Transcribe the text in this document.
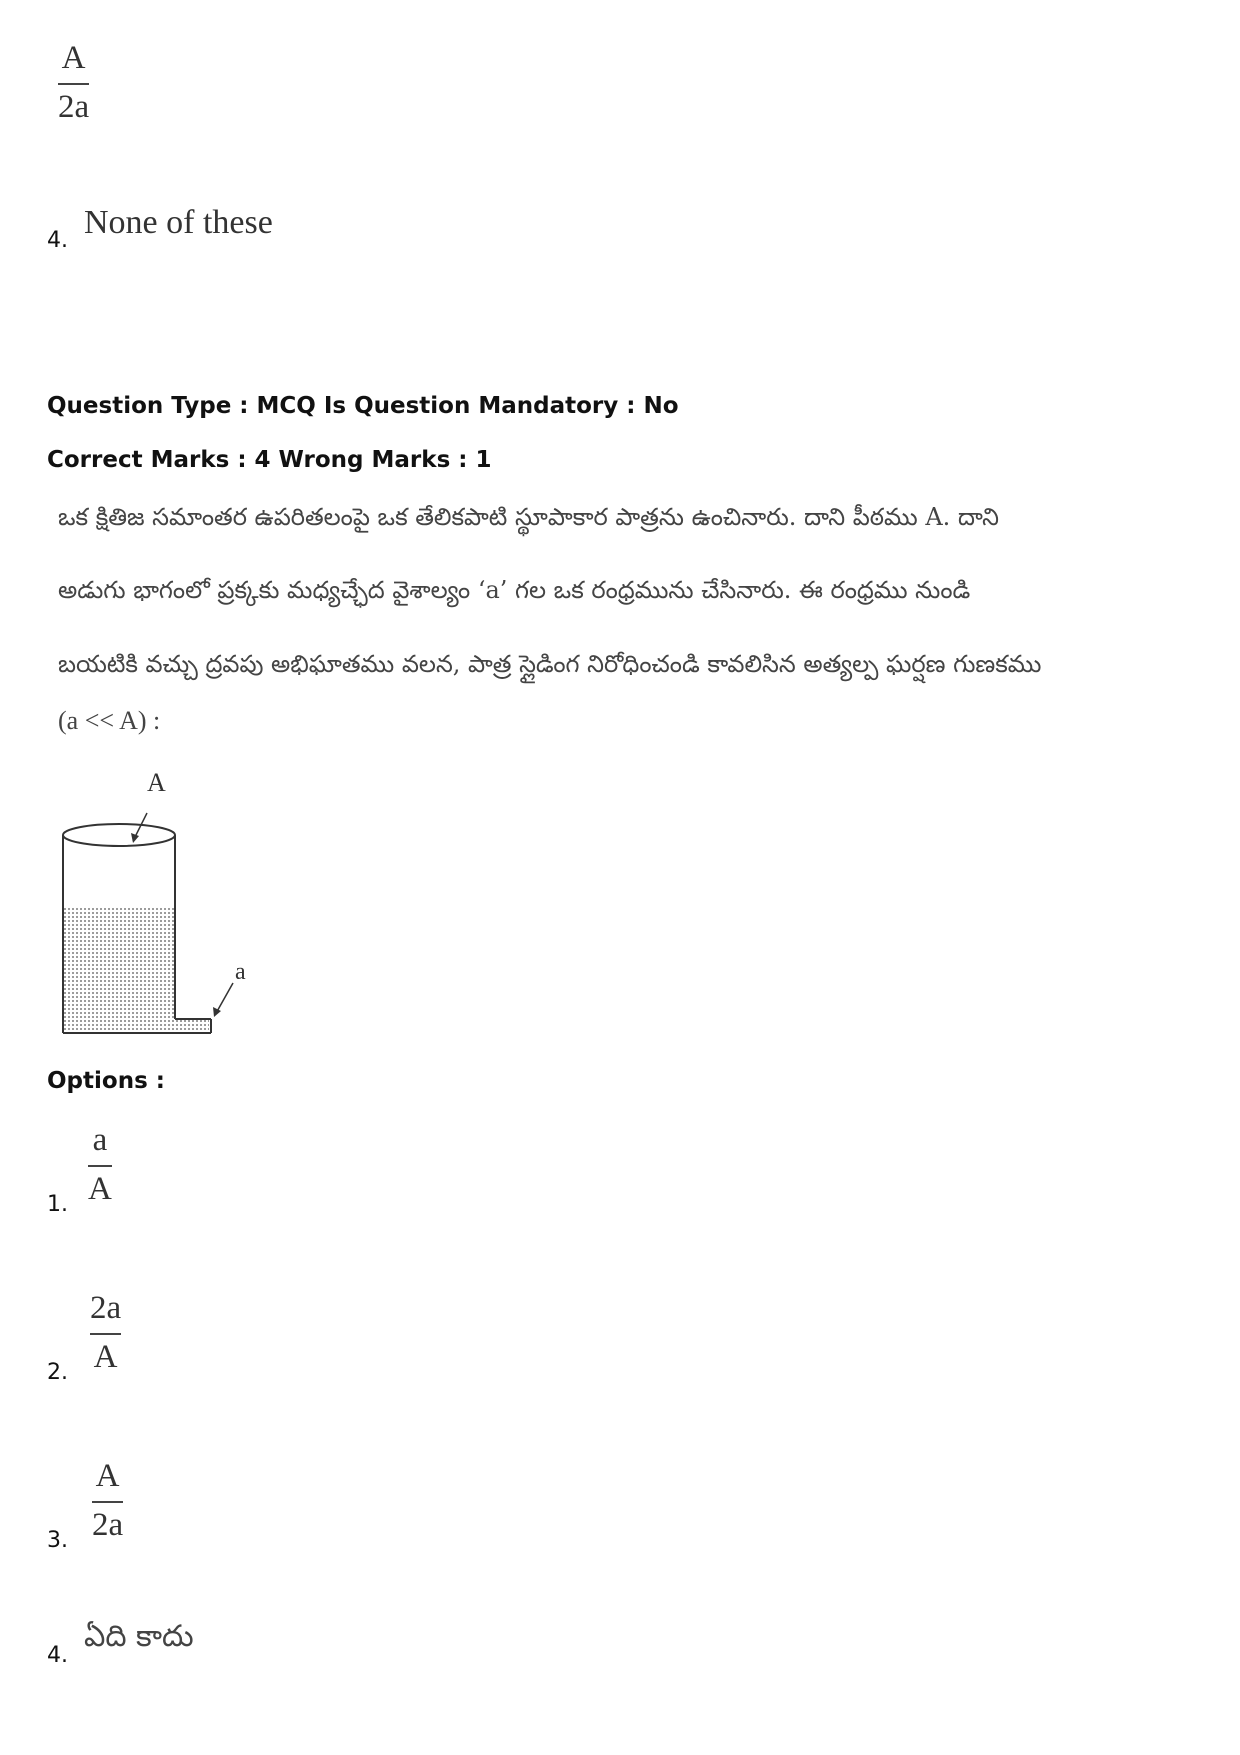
A
2a
4. None of these
Question Type : MCQ Is Question Mandatory : No
Correct Marks : 4 Wrong Marks : 1
ఒక క్షితిజ సమాంతర ఉపరితలంపై ఒక తేలికపాటి స్థూపాకార పాత్రను ఉంచినారు. దాని పీఠము A. దాని
అడుగు భాగంలో ప్రక్కకు మధ్యచ్ఛేద వైశాల్యం ‘a’ గల ఒక రంధ్రమును చేసినారు. ఈ రంధ్రము నుండి
బయటికి వచ్చు ద్రవపు అభిఘాతము వలన, పాత్ర స్లైడింగ నిరోధించండి కావలిసిన అత్యల్ప ఘర్షణ గుణకము
(a << A) :
A
a
Options :
a
A
1.
2a
A
2.
A
2a
3.
4.
ఏది కాదు
